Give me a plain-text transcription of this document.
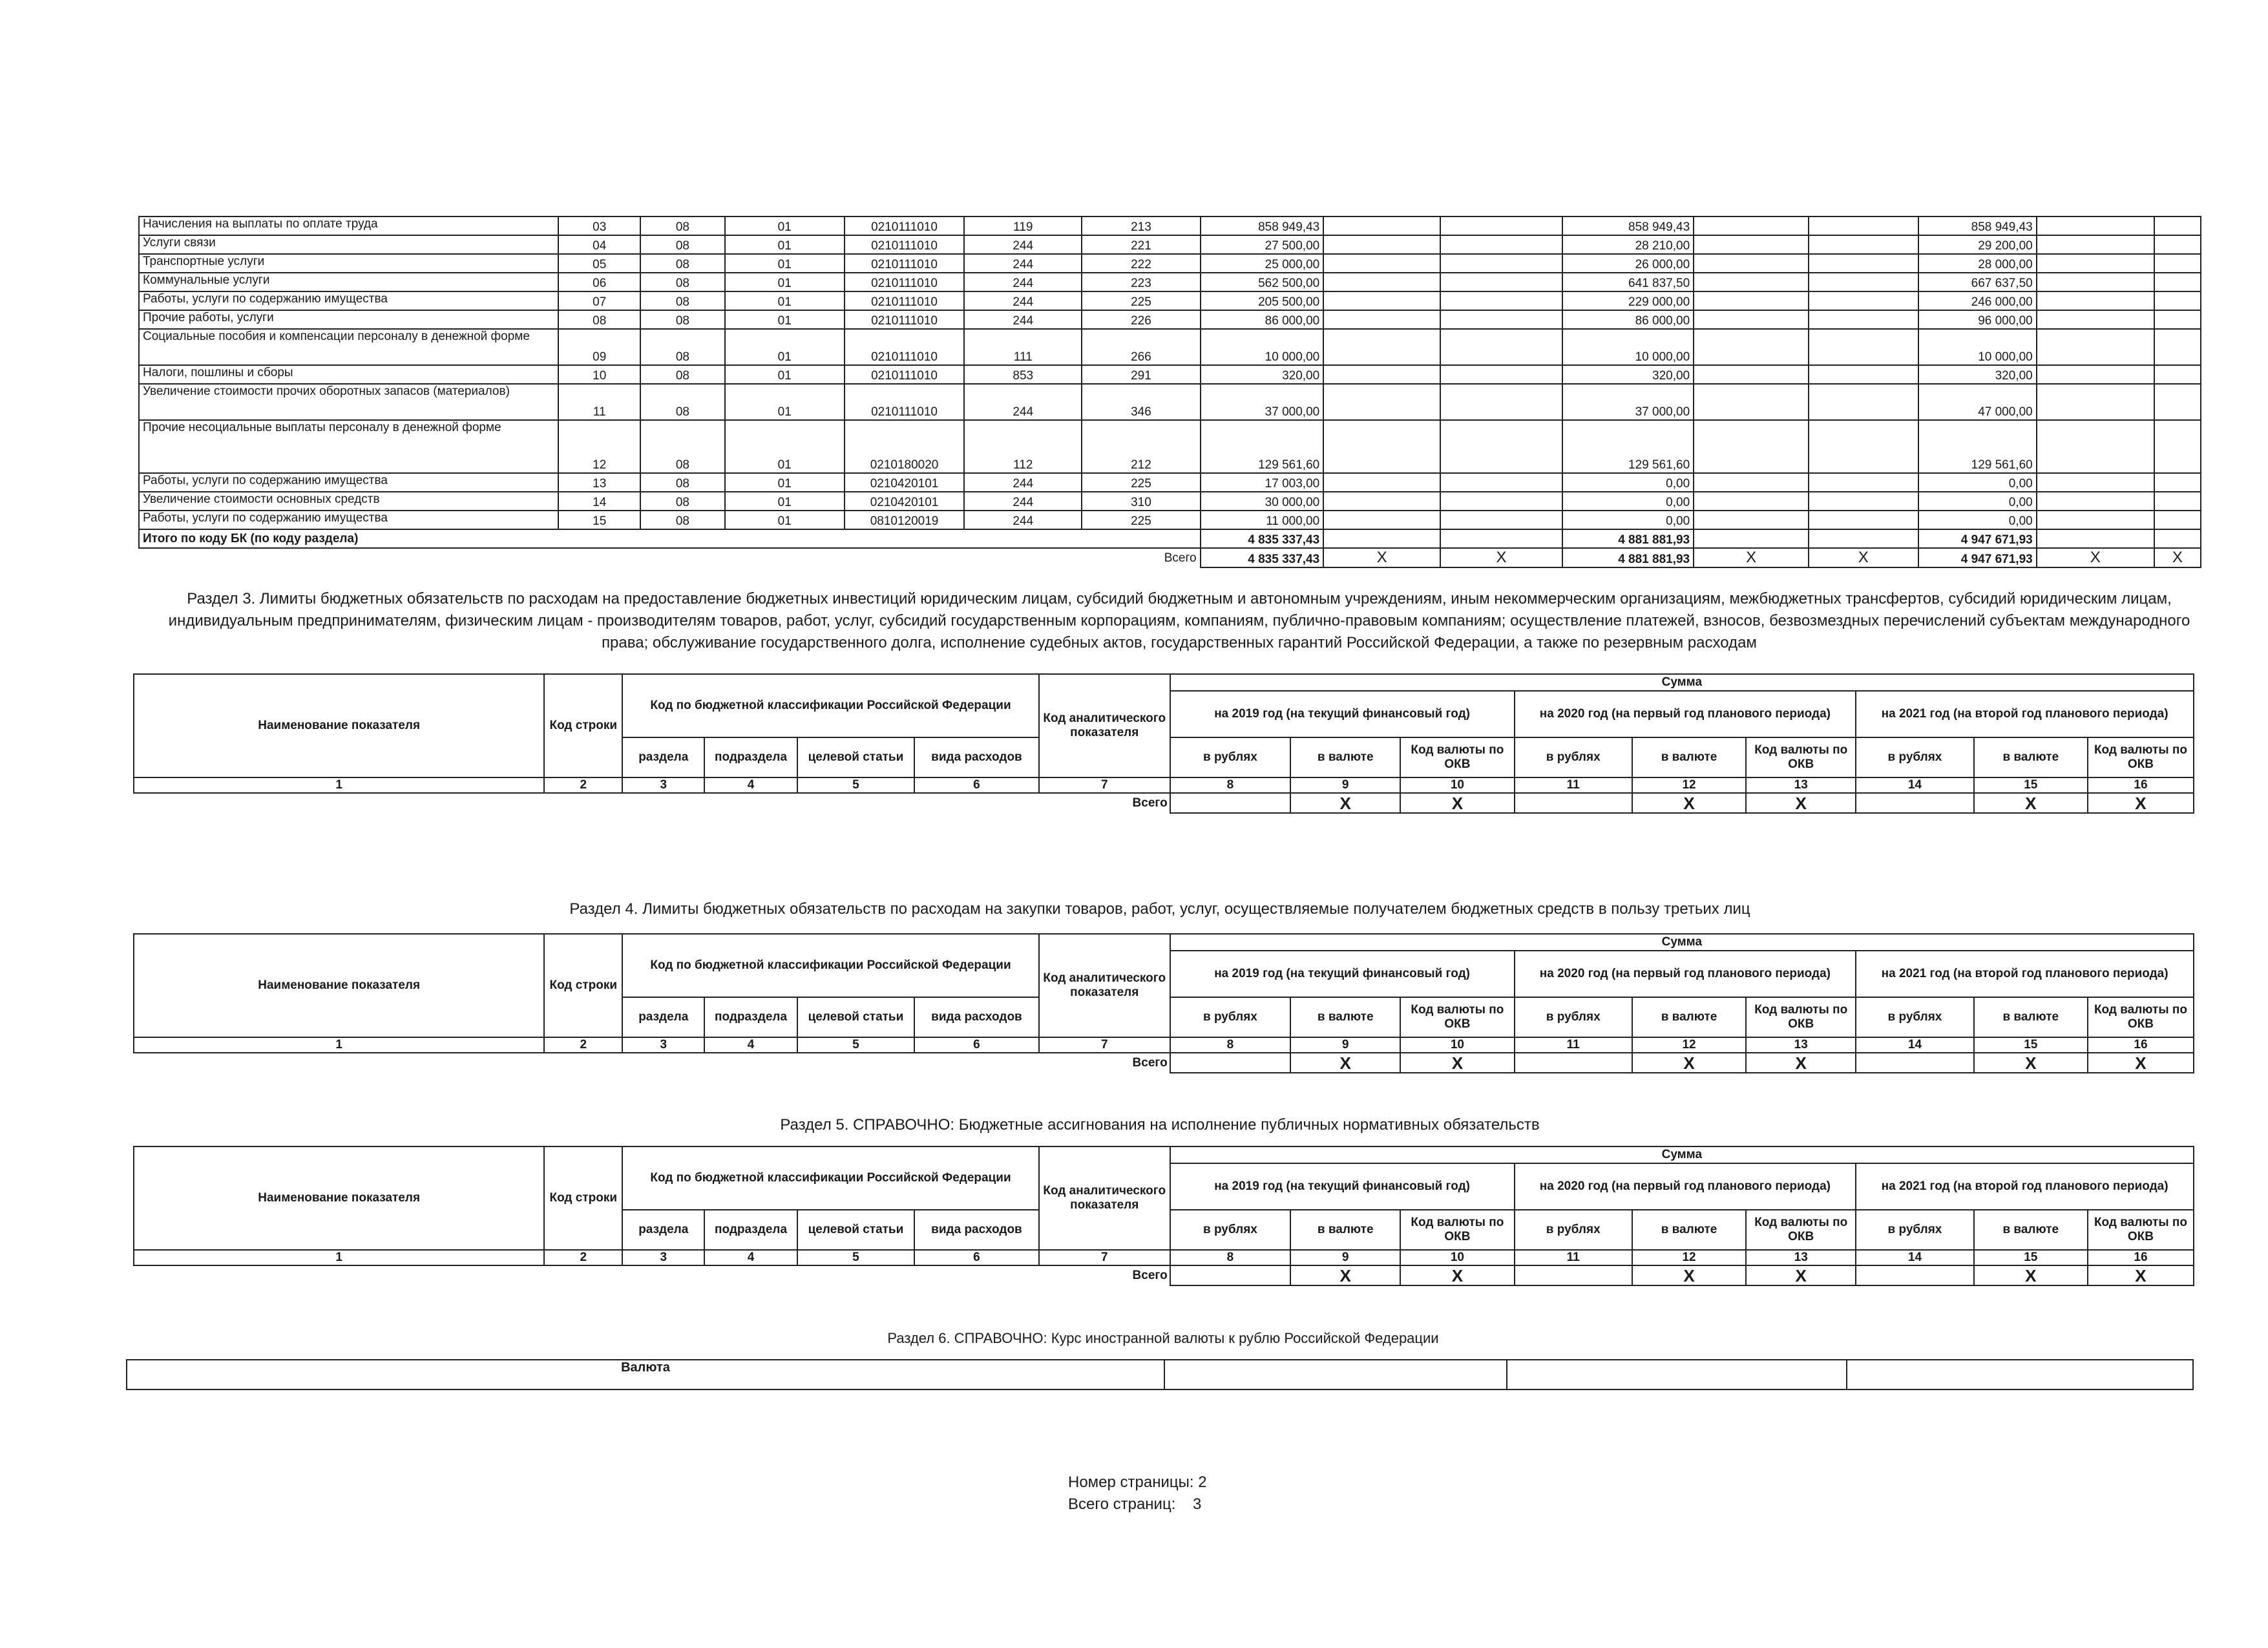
Начисления на выплаты по оплате труда	03	08	01	0210111010	119	213	858 949,43			858 949,43			858 949,43		
Услуги связи	04	08	01	0210111010	244	221	27 500,00			28 210,00			29 200,00		
Транспортные услуги	05	08	01	0210111010	244	222	25 000,00			26 000,00			28 000,00		
Коммунальные услуги	06	08	01	0210111010	244	223	562 500,00			641 837,50			667 637,50		
Работы, услуги по содержанию имущества	07	08	01	0210111010	244	225	205 500,00			229 000,00			246 000,00		
Прочие работы, услуги	08	08	01	0210111010	244	226	86 000,00			86 000,00			96 000,00		
Социальные пособия и компенсации персоналу в денежной форме	09	08	01	0210111010	111	266	10 000,00			10 000,00			10 000,00		
Налоги, пошлины и сборы	10	08	01	0210111010	853	291	320,00			320,00			320,00		
Увеличение стоимости прочих оборотных запасов (материалов)	11	08	01	0210111010	244	346	37 000,00			37 000,00			47 000,00		
Прочие несоциальные выплаты персоналу в денежной форме	12	08	01	0210180020	112	212	129 561,60			129 561,60			129 561,60		
Работы, услуги по содержанию имущества	13	08	01	0210420101	244	225	17 003,00			0,00			0,00		
Увеличение стоимости основных средств	14	08	01	0210420101	244	310	30 000,00			0,00			0,00		
Работы, услуги по содержанию имущества	15	08	01	0810120019	244	225	11 000,00			0,00			0,00		
Итого по коду БК (по коду раздела)							4 835 337,43			4 881 881,93			4 947 671,93		
Всего							4 835 337,43	X	X	4 881 881,93	X	X	4 947 671,93	X	X
Раздел 3. Лимиты бюджетных обязательств по расходам на предоставление бюджетных инвестиций юридическим лицам, субсидий бюджетным и автономным учреждениям, иным некоммерческим организациям, межбюджетных трансфертов, субсидий юридическим лицам, индивидуальным предпринимателям, физическим лицам - производителям товаров, работ, услуг, субсидий государственным корпорациям, компаниям, публично-правовым компаниям; осуществление платежей, взносов, безвозмездных перечислений субъектам международного права; обслуживание государственного долга, исполнение судебных актов, государственных гарантий Российской Федерации, а также по резервным расходам
Наименование показателя	Код строки	Код по бюджетной классификации Российской Федерации				Код аналитического показателя	Сумма								
							на 2019 год (на текущий финансовый год)			на 2020 год (на первый год планового периода)			на 2021 год (на второй год планового периода)		
		раздела	подраздела	целевой статьи	вида расходов		в рублях	в валюте	Код валюты по ОКВ	в рублях	в валюте	Код валюты по ОКВ	в рублях	в валюте	Код валюты по ОКВ
1	2	3	4	5	6	7	8	9	10	11	12	13	14	15	16
Всего								X	X		X	X		X	X
Раздел 4. Лимиты бюджетных обязательств по расходам на закупки товаров, работ, услуг, осуществляемые получателем бюджетных средств в пользу третьих лиц
Наименование показателя	Код строки	Код по бюджетной классификации Российской Федерации				Код аналитического показателя	Сумма								
							на 2019 год (на текущий финансовый год)			на 2020 год (на первый год планового периода)			на 2021 год (на второй год планового периода)		
		раздела	подраздела	целевой статьи	вида расходов		в рублях	в валюте	Код валюты по ОКВ	в рублях	в валюте	Код валюты по ОКВ	в рублях	в валюте	Код валюты по ОКВ
1	2	3	4	5	6	7	8	9	10	11	12	13	14	15	16
Всего								X	X		X	X		X	X
Раздел 5. СПРАВОЧНО: Бюджетные ассигнования на исполнение публичных нормативных обязательств
Наименование показателя	Код строки	Код по бюджетной классификации Российской Федерации				Код аналитического показателя	Сумма								
							на 2019 год (на текущий финансовый год)			на 2020 год (на первый год планового периода)			на 2021 год (на второй год планового периода)		
		раздела	подраздела	целевой статьи	вида расходов		в рублях	в валюте	Код валюты по ОКВ	в рублях	в валюте	Код валюты по ОКВ	в рублях	в валюте	Код валюты по ОКВ
1	2	3	4	5	6	7	8	9	10	11	12	13	14	15	16
Всего								X	X		X	X		X	X
Раздел 6. СПРАВОЧНО: Курс иностранной валюты к рублю Российской Федерации
Валюта			
Номер страницы: 2
Всего страниц: 3
